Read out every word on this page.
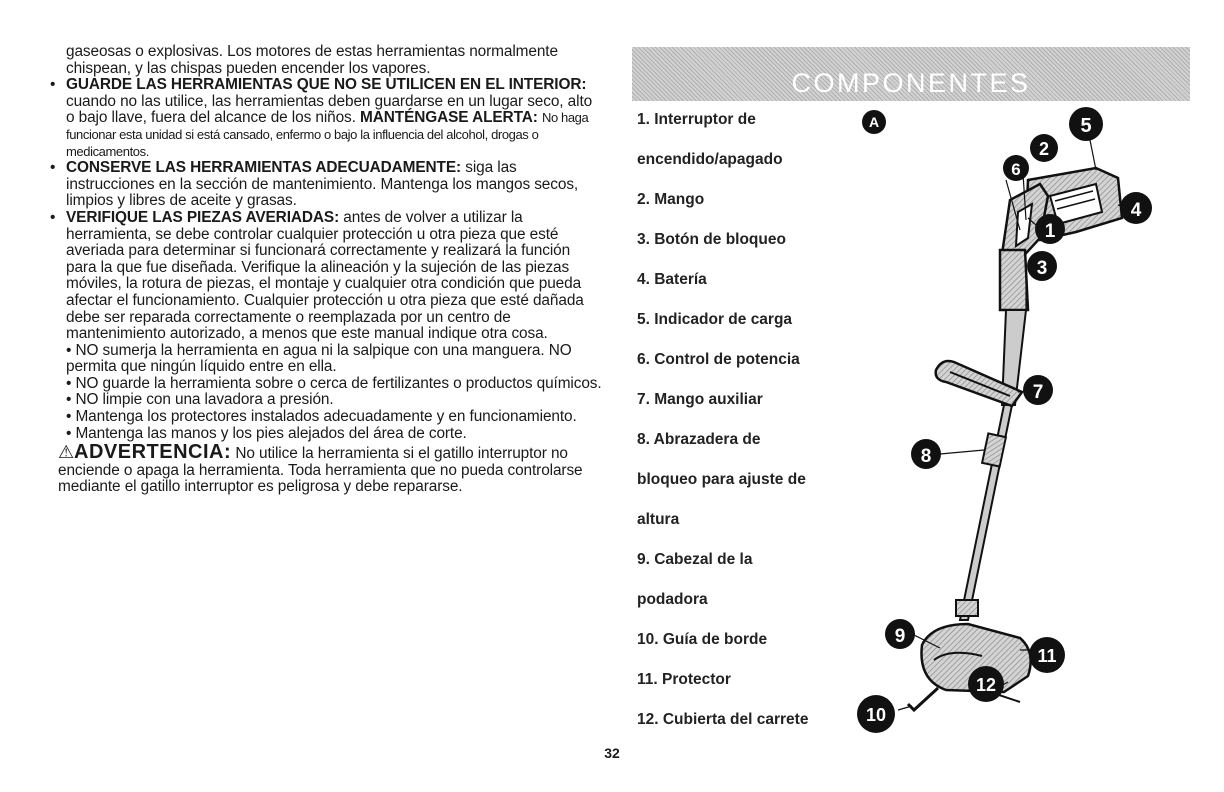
gaseosas o explosivas. Los motores de estas herramientas normalmente chispean, y las chispas pueden encender los vapores.

• GUARDE LAS HERRAMIENTAS QUE NO SE UTILICEN EN EL INTERIOR: cuando no las utilice, las herramientas deben guardarse en un lugar seco, alto o bajo llave, fuera del alcance de los niños. MANTÉNGASE ALERTA: No haga funcionar esta unidad si está cansado, enfermo o bajo la influencia del alcohol, drogas o medicamentos.

• CONSERVE LAS HERRAMIENTAS ADECUADAMENTE: siga las instrucciones en la sección de mantenimiento. Mantenga los mangos secos, limpios y libres de aceite y grasas.

• VERIFIQUE LAS PIEZAS AVERIADAS: antes de volver a utilizar la herramienta, se debe controlar cualquier protección u otra pieza que esté averiada para determinar si funcionará correctamente y realizará la función para la que fue diseñada. Verifique la alineación y la sujeción de las piezas móviles, la rotura de piezas, el montaje y cualquier otra condición que pueda afectar el funcionamiento. Cualquier protección u otra pieza que esté dañada debe ser reparada correctamente o reemplazada por un centro de mantenimiento autorizado, a menos que este manual indique otra cosa.

• NO sumerja la herramienta en agua ni la salpique con una manguera. NO permita que ningún líquido entre en ella.

• NO guarde la herramienta sobre o cerca de fertilizantes o productos químicos.

• NO limpie con una lavadora a presión.

• Mantenga los protectores instalados adecuadamente y en funcionamiento.

• Mantenga las manos y los pies alejados del área de corte.

⚠ADVERTENCIA: No utilice la herramienta si el gatillo interruptor no enciende o apaga la herramienta. Toda herramienta que no pueda controlarse mediante el gatillo interruptor es peligrosa y debe repararse.

COMPONENTES
1. Interruptor de
encendido/apagado
2. Mango
3. Botón de bloqueo
4. Batería
5. Indicador de carga
6. Control de potencia
7. Mango auxiliar
8. Abrazadera de
bloqueo para ajuste de
altura
9. Cabezal de la
podadora
10. Guía de borde
11. Protector
12. Cubierta del carrete
A	5
2
6
4
1
3
7
8
9
11
12
10
32
